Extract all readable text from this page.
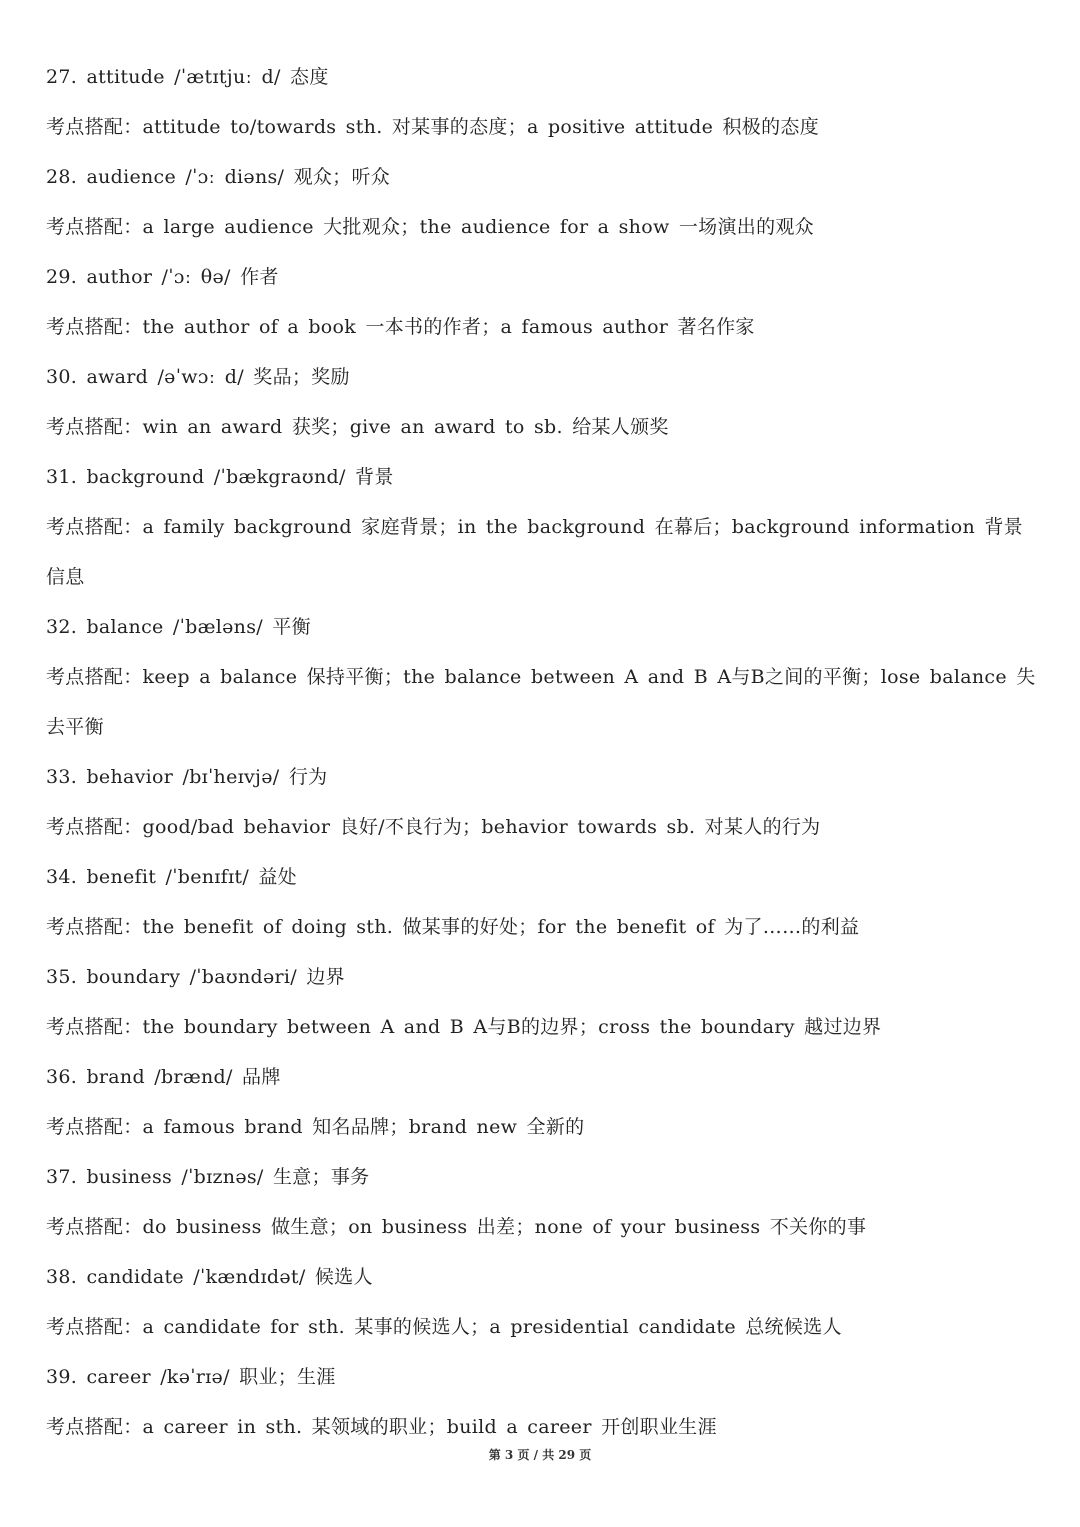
27. attitude /ˈætɪtjuː d/ 态度
考点搭配：attitude to/towards sth. 对某事的态度；a positive attitude 积极的态度
28. audience /ˈɔː diəns/ 观众；听众
考点搭配：a large audience 大批观众；the audience for a show 一场演出的观众
29. author /ˈɔː θə/ 作者
考点搭配：the author of a book 一本书的作者；a famous author 著名作家
30. award /əˈwɔː d/ 奖品；奖励
考点搭配：win an award 获奖；give an award to sb. 给某人颁奖
31. background /ˈbækgraʊnd/ 背景
考点搭配：a family background 家庭背景；in the background 在幕后；background information 背景信息
32. balance /ˈbæləns/ 平衡
考点搭配：keep a balance 保持平衡；the balance between A and B A与B之间的平衡；lose balance 失去平衡
33. behavior /bɪˈheɪvjə/ 行为
考点搭配：good/bad behavior 良好/不良行为；behavior towards sb. 对某人的行为
34. benefit /ˈbenɪfɪt/ 益处
考点搭配：the benefit of doing sth. 做某事的好处；for the benefit of 为了……的利益
35. boundary /ˈbaʊndəri/ 边界
考点搭配：the boundary between A and B A与B的边界；cross the boundary 越过边界
36. brand /brænd/ 品牌
考点搭配：a famous brand 知名品牌；brand new 全新的
37. business /ˈbɪznəs/ 生意；事务
考点搭配：do business 做生意；on business 出差；none of your business 不关你的事
38. candidate /ˈkændɪdət/ 候选人
考点搭配：a candidate for sth. 某事的候选人；a presidential candidate 总统候选人
39. career /kəˈrɪə/ 职业；生涯
考点搭配：a career in sth. 某领域的职业；build a career 开创职业生涯
第 3 页 / 共 29 页
